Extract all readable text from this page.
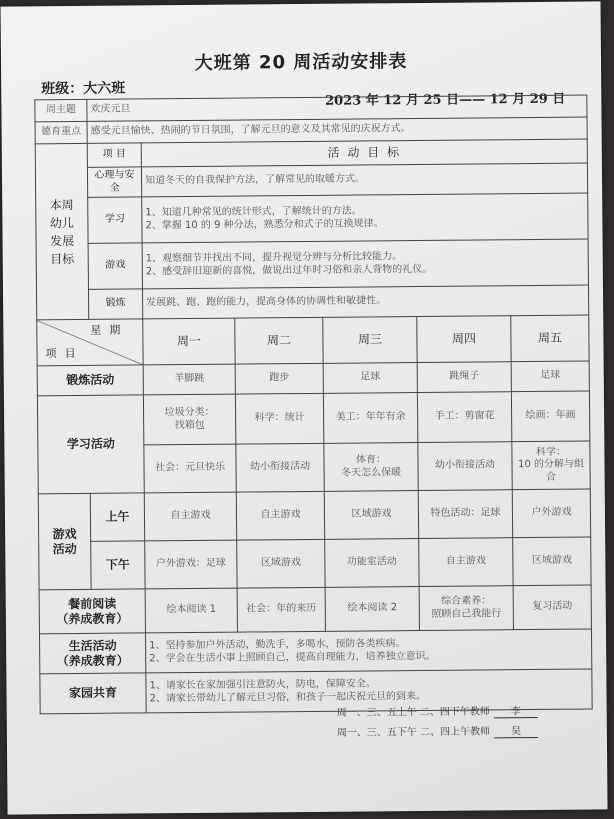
大班第 20 周活动安排表
班级：大六班
2023 年 12 月 25 日—— 12 月 29 日
周主题	欢庆元旦					
德育重点	感受元旦愉快、热闹的节日氛围，了解元旦的意义及其常见的庆祝方式。					
本周
幼儿
发展
目标	项 目	活 动 目 标				
	心理与安全	知道冬天的自我保护方法，了解常见的取暖方式。				
	学习	1、知道几种常见的统计形式，了解统计的方法。
2、掌握 10 的 9 种分法，熟悉分和式子的互换规律。				
	游戏	1、观察细节并找出不同，提升视觉分辨与分析比较能力。
2、感受辞旧迎新的喜悦，做说出过年时习俗和亲人背物的礼仪。				
	锻炼	发展跳、跑、跑的能力，提高身体的协调性和敏捷性。				

星期
项目		周一	周二	周三	周四	周五
锻炼活动		羊脚跳	跑步	足球	跳绳子	足球
学习活动		垃圾分类：
找箱包	科学：统计	美工：年年有余	手工：剪窗花	绘画：年画
		社会：元旦快乐	幼小衔接活动	体育：
冬天怎么保暖	幼小衔接活动	科学：
10 的分解与组合
游戏
活动	上午	自主游戏	自主游戏	区域游戏	特色活动：足球	户外游戏
	下午	户外游戏：足球	区域游戏	功能室活动	自主游戏	区域游戏
餐前阅读
（养成教育）		绘本阅读 1	社会：年的来历	绘本阅读 2	综合素养：
照顾自己我能行	复习活动
生活活动
（养成教育）		1、坚持参加户外活动，勤洗手，多喝水，预防各类疾病。
2、学会在生活小事上照顾自己，提高自理能力，培养独立意识。				
家园共育		1、请家长在家加强引注意防火，防电，保障安全。
2、请家长带幼儿了解元旦习俗，和孩子一起庆祝元旦的到来。				
周一、三、五上午 二、四下午教师 李
周一、三、五下午 二、四上午教师 吴
